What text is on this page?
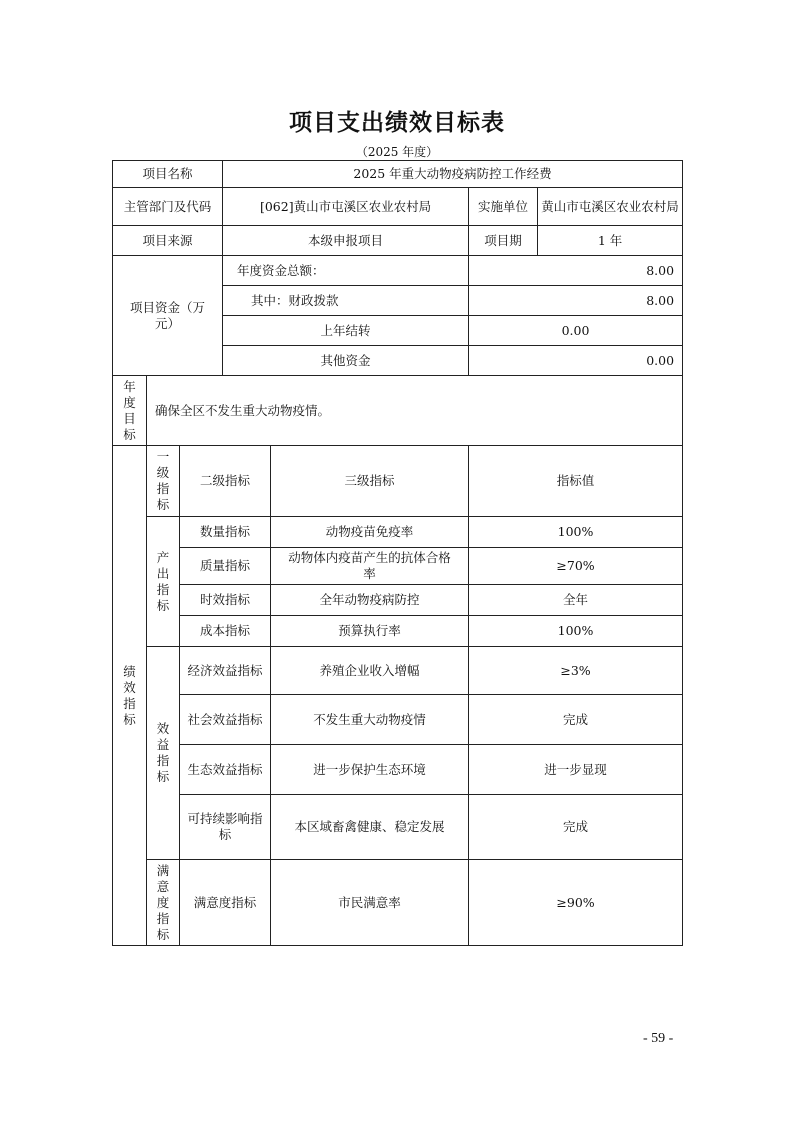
项目支出绩效目标表
（2025 年度）
项目名称			2025 年重大动物疫病防控工作经费			
主管部门及代码			[062]黄山市屯溪区农业农村局		实施单位	黄山市屯溪区农业农村局
项目来源			本级申报项目		项目期	1 年
项目资金（万元）			年度资金总额：		8.00	
			其中：财政拨款		8.00	
			上年结转		0.00	
			其他资金		0.00	
年度目标	确保全区不发生重大动物疫情。					
绩效指标	一级指标	二级指标		三级指标	指标值	
	产出指标	数量指标		动物疫苗免疫率	100%	
		质量指标		动物体内疫苗产生的抗体合格率	≥70%	
		时效指标		全年动物疫病防控	全年	
		成本指标		预算执行率	100%	
	效益指标	经济效益指标		养殖企业收入增幅	≥3%	
		社会效益指标		不发生重大动物疫情	完成	
		生态效益指标		进一步保护生态环境	进一步显现	
		可持续影响指标		本区域畜禽健康、稳定发展	完成	
	满意度指标	满意度指标		市民满意率	≥90%	
- 59 -
